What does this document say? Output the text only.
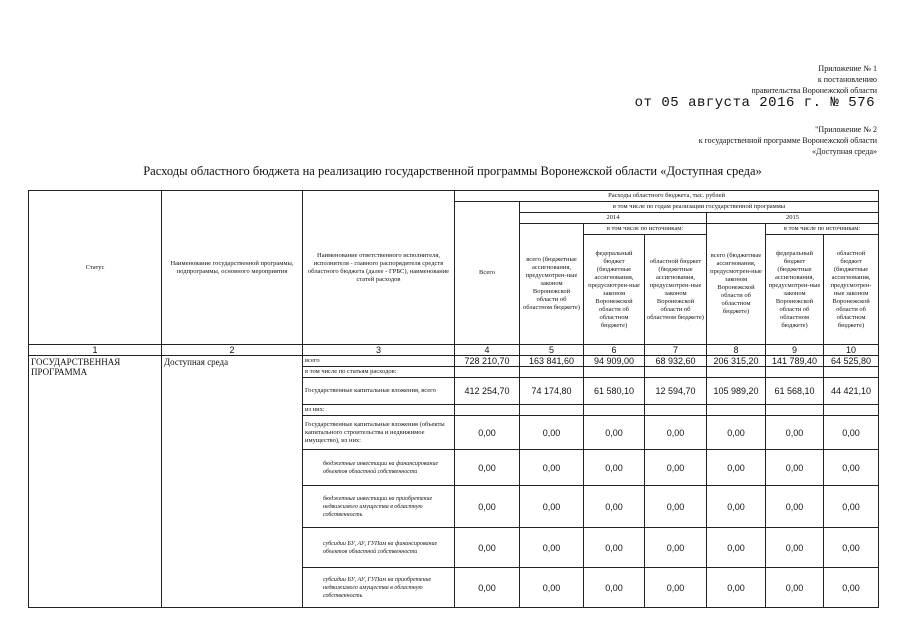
Приложение № 1
к постановлению
правительства Воронежской области
от 05 августа 2016 г. № 576
"Приложение № 2
к государственной программе Воронежской области
«Доступная среда»
Расходы областного бюджета на реализацию государственной программы Воронежской области «Доступная среда»
Статус	Наименование государственной программы, подпрограммы, основного мероприятия	Наименование ответственного исполнителя, исполнителя - главного распорядителя средств областного бюджета (далее - ГРБС), наименование статей расходов	Расходы областного бюджета, тыс. рублей						
			Всего	в том числе по годам реализации государственной программы					
				2014			2015		
				всего (бюджетные ассигнования, предусмотрен-ные законом Воронежской области об областном бюджете)	в том числе по источникам:		всего (бюджетные ассигнования, предусмотрен-ные законом Воронежской области об областном бюджете)	в том числе по источникам:	
					федеральный бюджет (бюджетные ассигнования, предусмотрен-ные законом Воронежской области об областном бюджете)	областной бюджет (бюджетные ассигнования, предусмотрен-ные законом Воронежской области об областном бюджете)		федеральный бюджет (бюджетные ассигнования, предусмотрен-ные законом Воронежской области об областном бюджете)	областной бюджет (бюджетные ассигнования, предусмотрен-ные законом Воронежской области об областном бюджете)
1	2	3	4	5	6	7	8	9	10
ГОСУДАРСТВЕННАЯ ПРОГРАММА	Доступная среда	всего	728 210,70	163 841,60	94 909,00	68 932,60	206 315,20	141 789,40	64 525,80
		в том числе по статьям расходов:							
		Государственные капитальные вложения, всего	412 254,70	74 174,80	61 580,10	12 594,70	105 989,20	61 568,10	44 421,10
		из них:							
		Государственные капитальные вложения (объекты капитального строительства и недвижимое имущество), из них:	0,00	0,00	0,00	0,00	0,00	0,00	0,00
		бюджетные инвестиции на финансирование объектов областной собственности	0,00	0,00	0,00	0,00	0,00	0,00	0,00
		бюджетные инвестиции на приобретение недвижимого имущества в областную собственность	0,00	0,00	0,00	0,00	0,00	0,00	0,00
		субсидии БУ, АУ, ГУПам на финансирование объектов областной собственности	0,00	0,00	0,00	0,00	0,00	0,00	0,00
		субсидии БУ, АУ, ГУПам на приобретение недвижимого имущества в областную собственность	0,00	0,00	0,00	0,00	0,00	0,00	0,00
